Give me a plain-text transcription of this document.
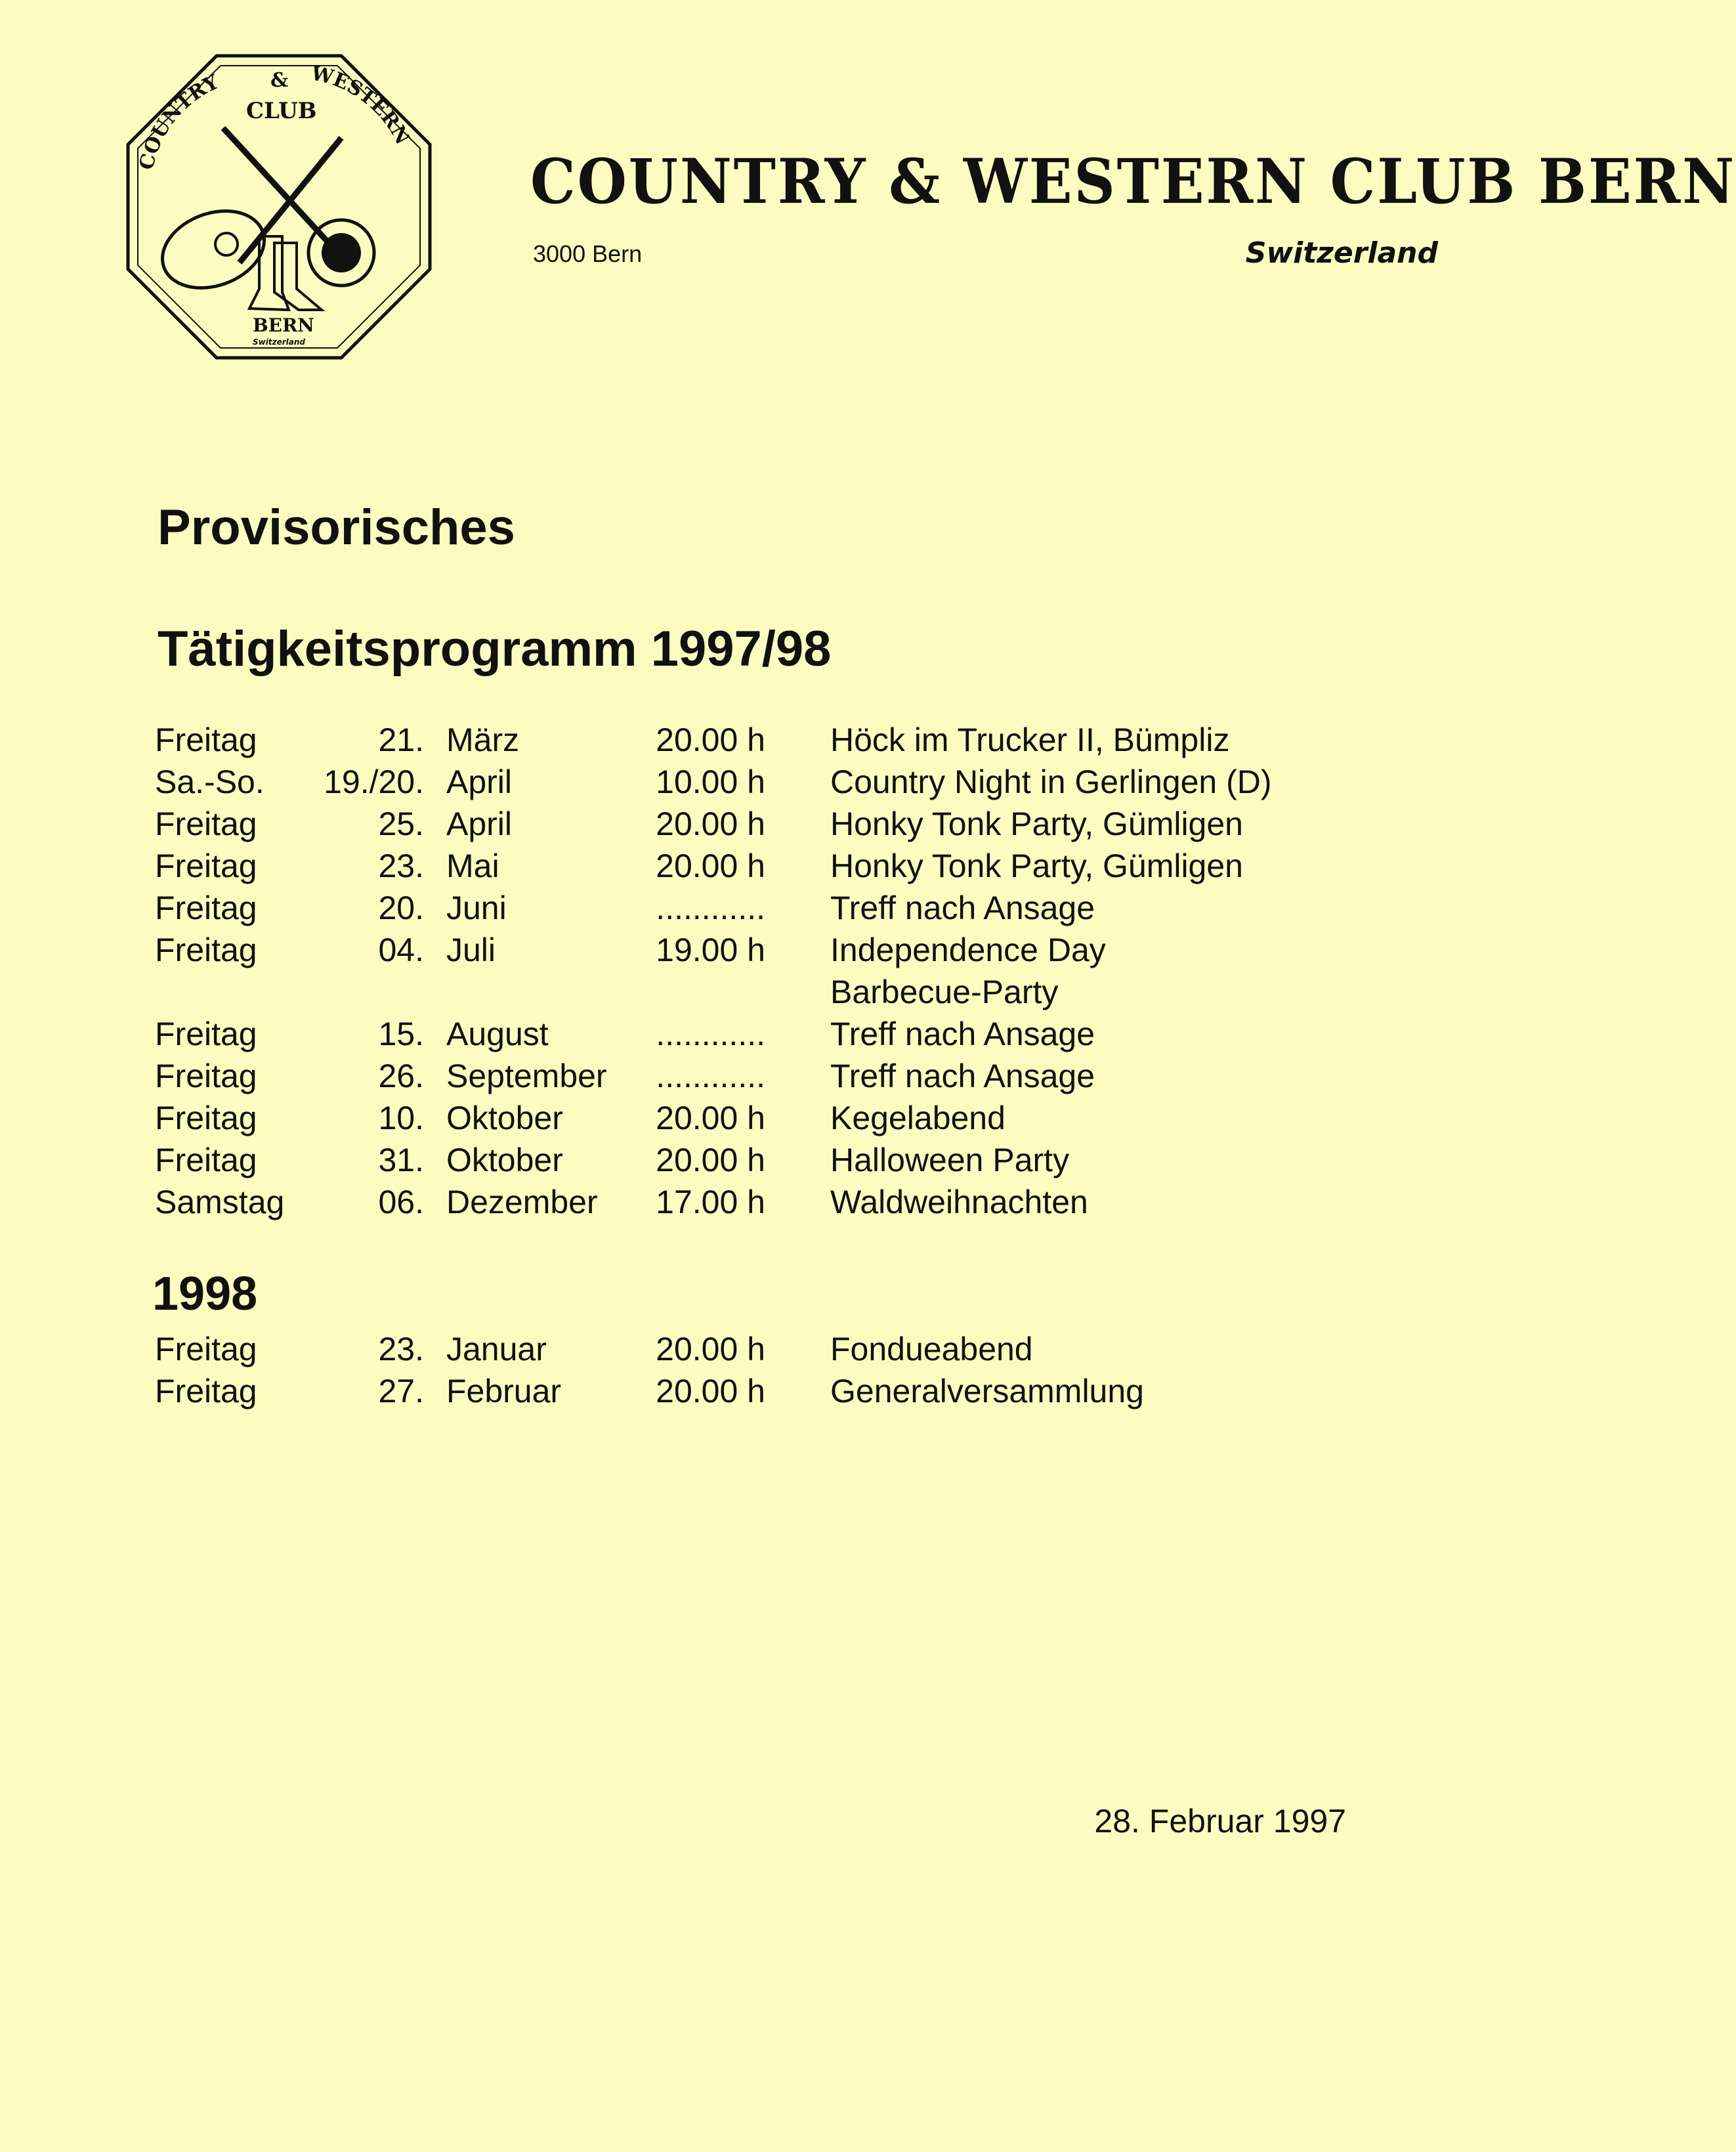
COUNTRY	WESTERN
&
CLUB
BERN
Switzerland
COUNTRY & WESTERN CLUB BERN
3000 Bern	Switzerland
Provisorisches
Tätigkeitsprogramm 1997/98
Freitag	21. März	20.00 h Höck im Trucker II, Bümpliz
Sa.-So. 19./20. April	10.00 h Country Night in Gerlingen (D)
Freitag	25. April	20.00 h Honky Tonk Party, Gümligen
Freitag	23. Mai	20.00 h Honky Tonk Party, Gümligen
Freitag	20. Juni	............ Treff nach Ansage
Freitag	04. Juli	19.00 h Independence Day
Barbecue-Party
Freitag	15. August	............ Treff nach Ansage
Freitag	26. September ............ Treff nach Ansage
Freitag	10. Oktober	20.00 h Kegelabend
Freitag	31. Oktober	20.00 h Halloween Party
Samstag	06. Dezember 17.00 h Waldweihnachten
1998
Freitag	23. Januar	20.00 h Fondueabend
Freitag	27. Februar	20.00 h Generalversammlung
28. Februar 1997
